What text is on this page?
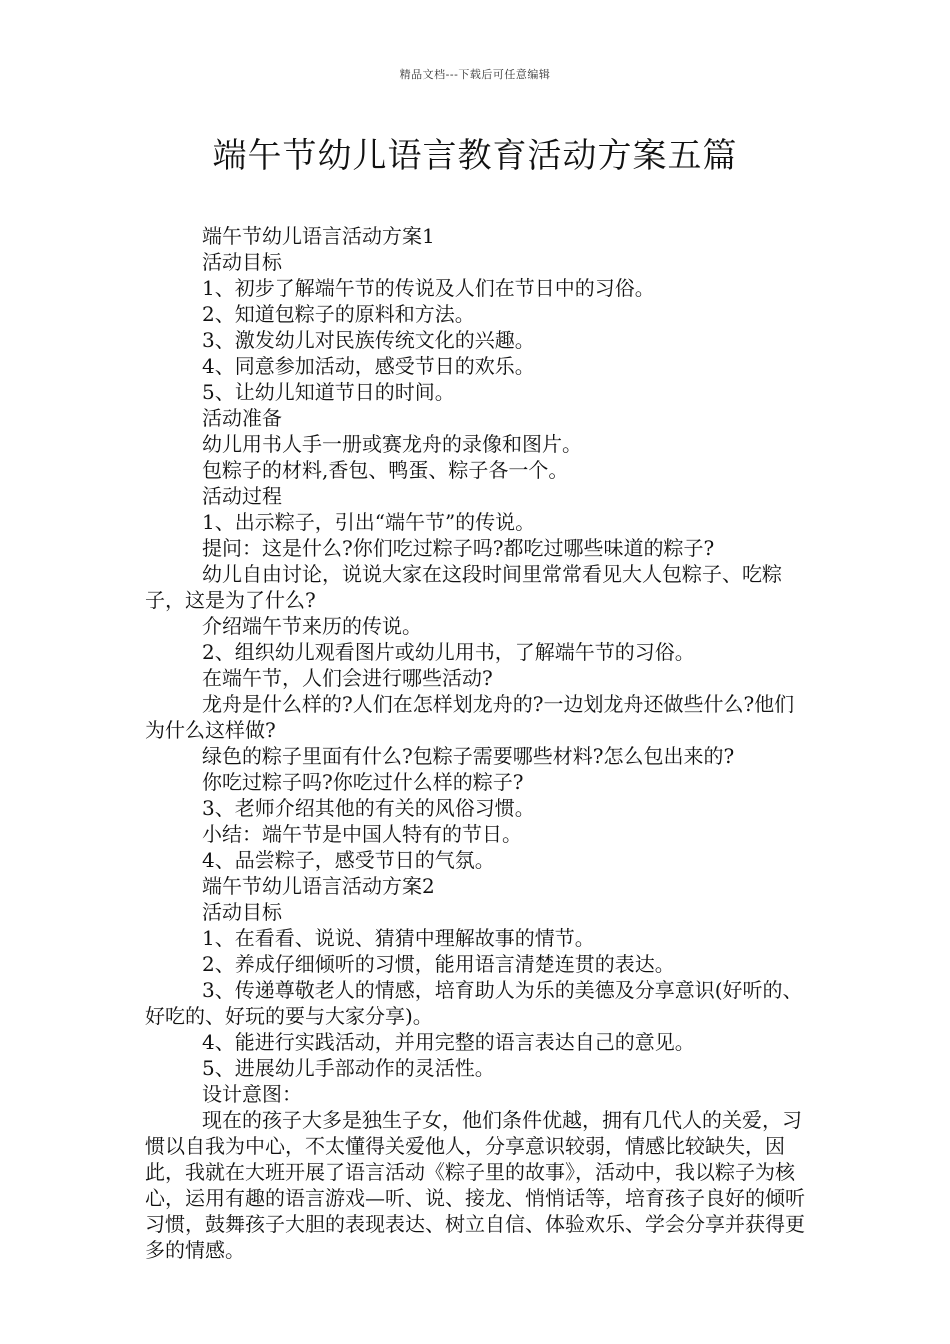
精品文档---下载后可任意编辑
端午节幼儿语言教育活动方案五篇

端午节幼儿语言活动方案1

活动目标

1、初步了解端午节的传说及人们在节日中的习俗。

2、知道包粽子的原料和方法。

3、激发幼儿对民族传统文化的兴趣。

4、同意参加活动，感受节日的欢乐。

5、让幼儿知道节日的时间。

活动准备

幼儿用书人手一册或赛龙舟的录像和图片。

包粽子的材料,香包、鸭蛋、粽子各一个。

活动过程

1、出示粽子，引出“端午节”的传说。

提问：这是什么?你们吃过粽子吗?都吃过哪些味道的粽子?

幼儿自由讨论，说说大家在这段时间里常常看见大人包粽子、吃粽子，这是为了什么?

介绍端午节来历的传说。

2、组织幼儿观看图片或幼儿用书，了解端午节的习俗。

在端午节，人们会进行哪些活动?

龙舟是什么样的?人们在怎样划龙舟的?一边划龙舟还做些什么?他们为什么这样做?

绿色的粽子里面有什么?包粽子需要哪些材料?怎么包出来的?

你吃过粽子吗?你吃过什么样的粽子?

3、老师介绍其他的有关的风俗习惯。

小结：端午节是中国人特有的节日。

4、品尝粽子，感受节日的气氛。

端午节幼儿语言活动方案2

活动目标

1、在看看、说说、猜猜中理解故事的情节。

2、养成仔细倾听的习惯，能用语言清楚连贯的表达。

3、传递尊敬老人的情感，培育助人为乐的美德及分享意识(好听的、好吃的、好玩的要与大家分享)。

4、能进行实践活动，并用完整的语言表达自己的意见。

5、进展幼儿手部动作的灵活性。

设计意图：

现在的孩子大多是独生子女，他们条件优越，拥有几代人的关爱，习惯以自我为中心，不太懂得关爱他人，分享意识较弱，情感比较缺失，因此，我就在大班开展了语言活动《粽子里的故事》，活动中，我以粽子为核心，运用有趣的语言游戏—听、说、接龙、悄悄话等，培育孩子良好的倾听习惯，鼓舞孩子大胆的表现表达、树立自信、体验欢乐、学会分享并获得更多的情感。
